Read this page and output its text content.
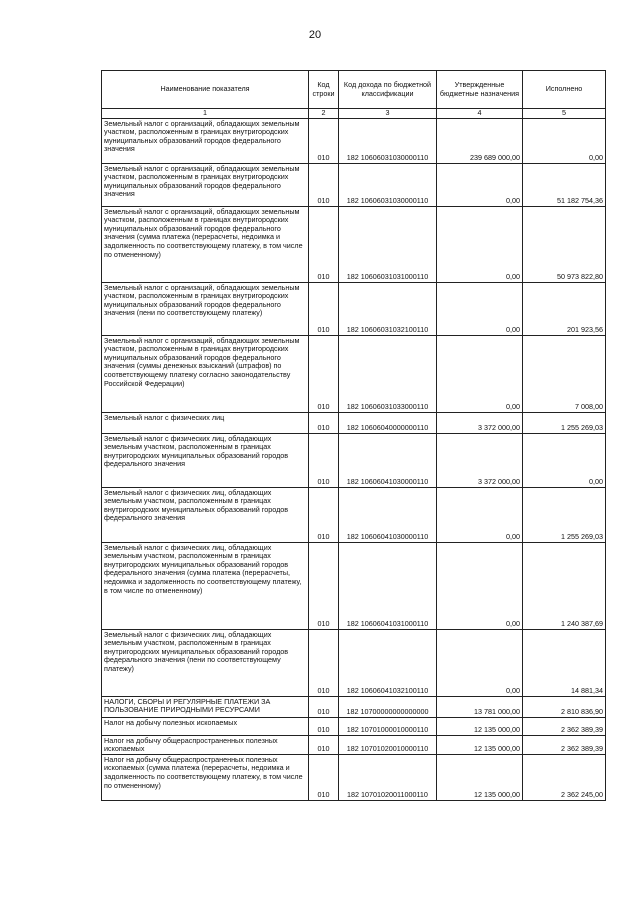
20
Наименование показателя	Код строки	Код дохода по бюджетной классификации	Утвержденные бюджетные назначения	Исполнено
1	2	3	4	5
Земельный налог с организаций, обладающих земельным участком, расположенным в границах внутригородских муниципальных образований городов федерального значения	010	182 10606031030000110	239 689 000,00	0,00
Земельный налог с организаций, обладающих земельным участком, расположенным в границах внутригородских муниципальных образований городов федерального значения	010	182 10606031030000110	0,00	51 182 754,36
Земельный налог с организаций, обладающих земельным участком, расположенным в границах внутригородских муниципальных образований городов федерального значения (сумма платежа (перерасчеты, недоимка и задолженность по соответствующему платежу, в том числе по отмененному)	010	182 10606031031000110	0,00	50 973 822,80
Земельный налог с организаций, обладающих земельным участком, расположенным в границах внутригородских муниципальных образований городов федерального значения (пени по соответствующему платежу)	010	182 10606031032100110	0,00	201 923,56
Земельный налог с организаций, обладающих земельным участком, расположенным в границах внутригородских муниципальных образований городов федерального значения (суммы денежных взысканий (штрафов) по соответствующему платежу согласно законодательству Российской Федерации)	010	182 10606031033000110	0,00	7 008,00
Земельный налог с физических лиц	010	182 10606040000000110	3 372 000,00	1 255 269,03
Земельный налог с физических лиц, обладающих земельным участком, расположенным в границах внутригородских муниципальных образований городов федерального значения	010	182 10606041030000110	3 372 000,00	0,00
Земельный налог с физических лиц, обладающих земельным участком, расположенным в границах внутригородских муниципальных образований городов федерального значения	010	182 10606041030000110	0,00	1 255 269,03
Земельный налог с физических лиц, обладающих земельным участком, расположенным в границах внутригородских муниципальных образований городов федерального значения (сумма платежа (перерасчеты, недоимка и задолженность по соответствующему платежу, в том числе по отмененному)	010	182 10606041031000110	0,00	1 240 387,69
Земельный налог с физических лиц, обладающих земельным участком, расположенным в границах внутригородских муниципальных образований городов федерального значения (пени по соответствующему платежу)	010	182 10606041032100110	0,00	14 881,34
НАЛОГИ, СБОРЫ И РЕГУЛЯРНЫЕ ПЛАТЕЖИ ЗА ПОЛЬЗОВАНИЕ ПРИРОДНЫМИ РЕСУРСАМИ	010	182 10700000000000000	13 781 000,00	2 810 836,90
Налог на добычу полезных ископаемых	010	182 10701000010000110	12 135 000,00	2 362 389,39
Налог на добычу общераспространенных полезных ископаемых	010	182 10701020010000110	12 135 000,00	2 362 389,39
Налог на добычу общераспространенных полезных ископаемых (сумма платежа (перерасчеты, недоимка и задолженность по соответствующему платежу, в том числе по отмененному)	010	182 10701020011000110	12 135 000,00	2 362 245,00
